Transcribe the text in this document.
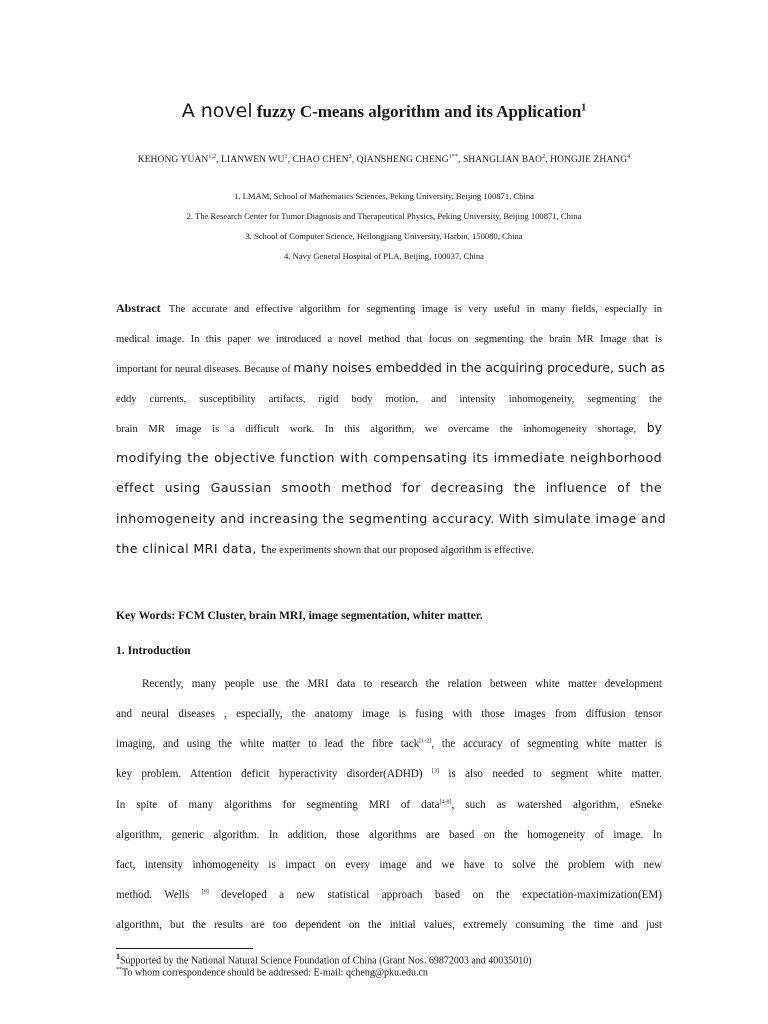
A novel fuzzy C-means algorithm and its Application$^1$
KEHONG YUAN$^{1,2}$, LIANWEN $WU^1$, CHAO CHEN$^3$, QIANSHENG $CHENG^{1**}$, SHANGLIAN BAO$^2$, HONGJIE ZHANG$^4$
1. LMAM, School of Mathematics Sciences, Peking University, Beijing 100871, China
2. The Research Center for Tumor Diagnosis and Therapeutical Physics, Peking University, Beijing 100871, China
3. School of Computer Science, Heilongjiang University, Harbin, 150080, China
4. Navy General Hospital of PLA, Beijing, 100037, China
Abstract The accurate and effective algorithm for segmenting image is very useful in many fields, especially in
medical image. In this paper we introduced a novel method that focus on segmenting the brain MR Image that is
important for neural diseases. Because of many noises embedded in the acquiring procedure, such as
eddy currents, susceptibility artifacts, rigid body motion, and intensity inhomogeneity, segmenting the
brain MR image is a difficult work. In this algorithm, we overcame the inhomogeneity shortage, by
modifying the objective function with compensating its immediate neighborhood
effect using Gaussian smooth method for decreasing the influence of the
inhomogeneity and increasing the segmenting accuracy. With simulate image and
the clinical MRI data, the experiments shown that our proposed algorithm is effective.
Key Words: FCM Cluster, brain MRI, image segmentation, whiter matter.
1. Introduction
Recently, many people use the MRI data to research the relation between white matter development
and neural diseases , especially, the anatomy image is fusing with those images from diffusion tensor
imaging, and using the white matter to lead the fibre tack[1-2], the accuracy of segmenting white matter is
key problem. Attention deficit hyperactivity disorder(ADHD) [3] is also needed to segment white matter.
In spite of many algorithms for segmenting MRI of data[4-8], such as watershed algorithm, eSneke
algorithm, generic algorithm. In addition, those algorithms are based on the homogeneity of image. In
fact, intensity inhomogeneity is impact on every image and we have to solve the problem with new
method. Wells [9] developed a new statistical approach based on the expectation-maximization(EM)
algorithm, but the results are too dependent on the initial values, extremely consuming the time and just
$^1$Supported by the National Natural Science Foundation of China (Grant Nos. 69872003 and 40035010)
**To whom correspondence should be addressed: E-mail: qcheng@pku.edu.cn
